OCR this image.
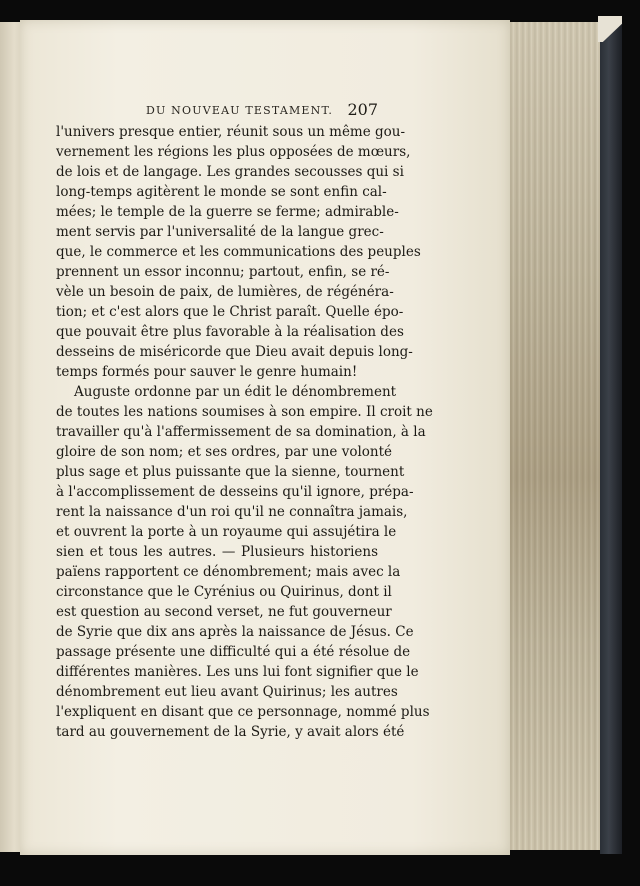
DU NOUVEAU TESTAMENT. 207
l'univers presque entier, réunit sous un même gou-
vernement les régions les plus opposées de mœurs,
de lois et de langage. Les grandes secousses qui si
long-temps agitèrent le monde se sont enfin cal-
mées; le temple de la guerre se ferme; admirable-
ment servis par l'universalité de la langue grec-
que, le commerce et les communications des peuples
prennent un essor inconnu; partout, enfin, se ré-
vèle un besoin de paix, de lumières, de régénéra-
tion; et c'est alors que le Christ paraît. Quelle épo-
que pouvait être plus favorable à la réalisation des
desseins de miséricorde que Dieu avait depuis long-
temps formés pour sauver le genre humain!
Auguste ordonne par un édit le dénombrement
de toutes les nations soumises à son empire. Il croit ne
travailler qu'à l'affermissement de sa domination, à la
gloire de son nom; et ses ordres, par une volonté
plus sage et plus puissante que la sienne, tournent
à l'accomplissement de desseins qu'il ignore, prépa-
rent la naissance d'un roi qu'il ne connaîtra jamais,
et ouvrent la porte à un royaume qui assujétira le
sien et tous les autres. — Plusieurs historiens
païens rapportent ce dénombrement; mais avec la
circonstance que le Cyrénius ou Quirinus, dont il
est question au second verset, ne fut gouverneur
de Syrie que dix ans après la naissance de Jésus. Ce
passage présente une difficulté qui a été résolue de
différentes manières. Les uns lui font signifier que le
dénombrement eut lieu avant Quirinus; les autres
l'expliquent en disant que ce personnage, nommé plus
tard au gouvernement de la Syrie, y avait alors été
